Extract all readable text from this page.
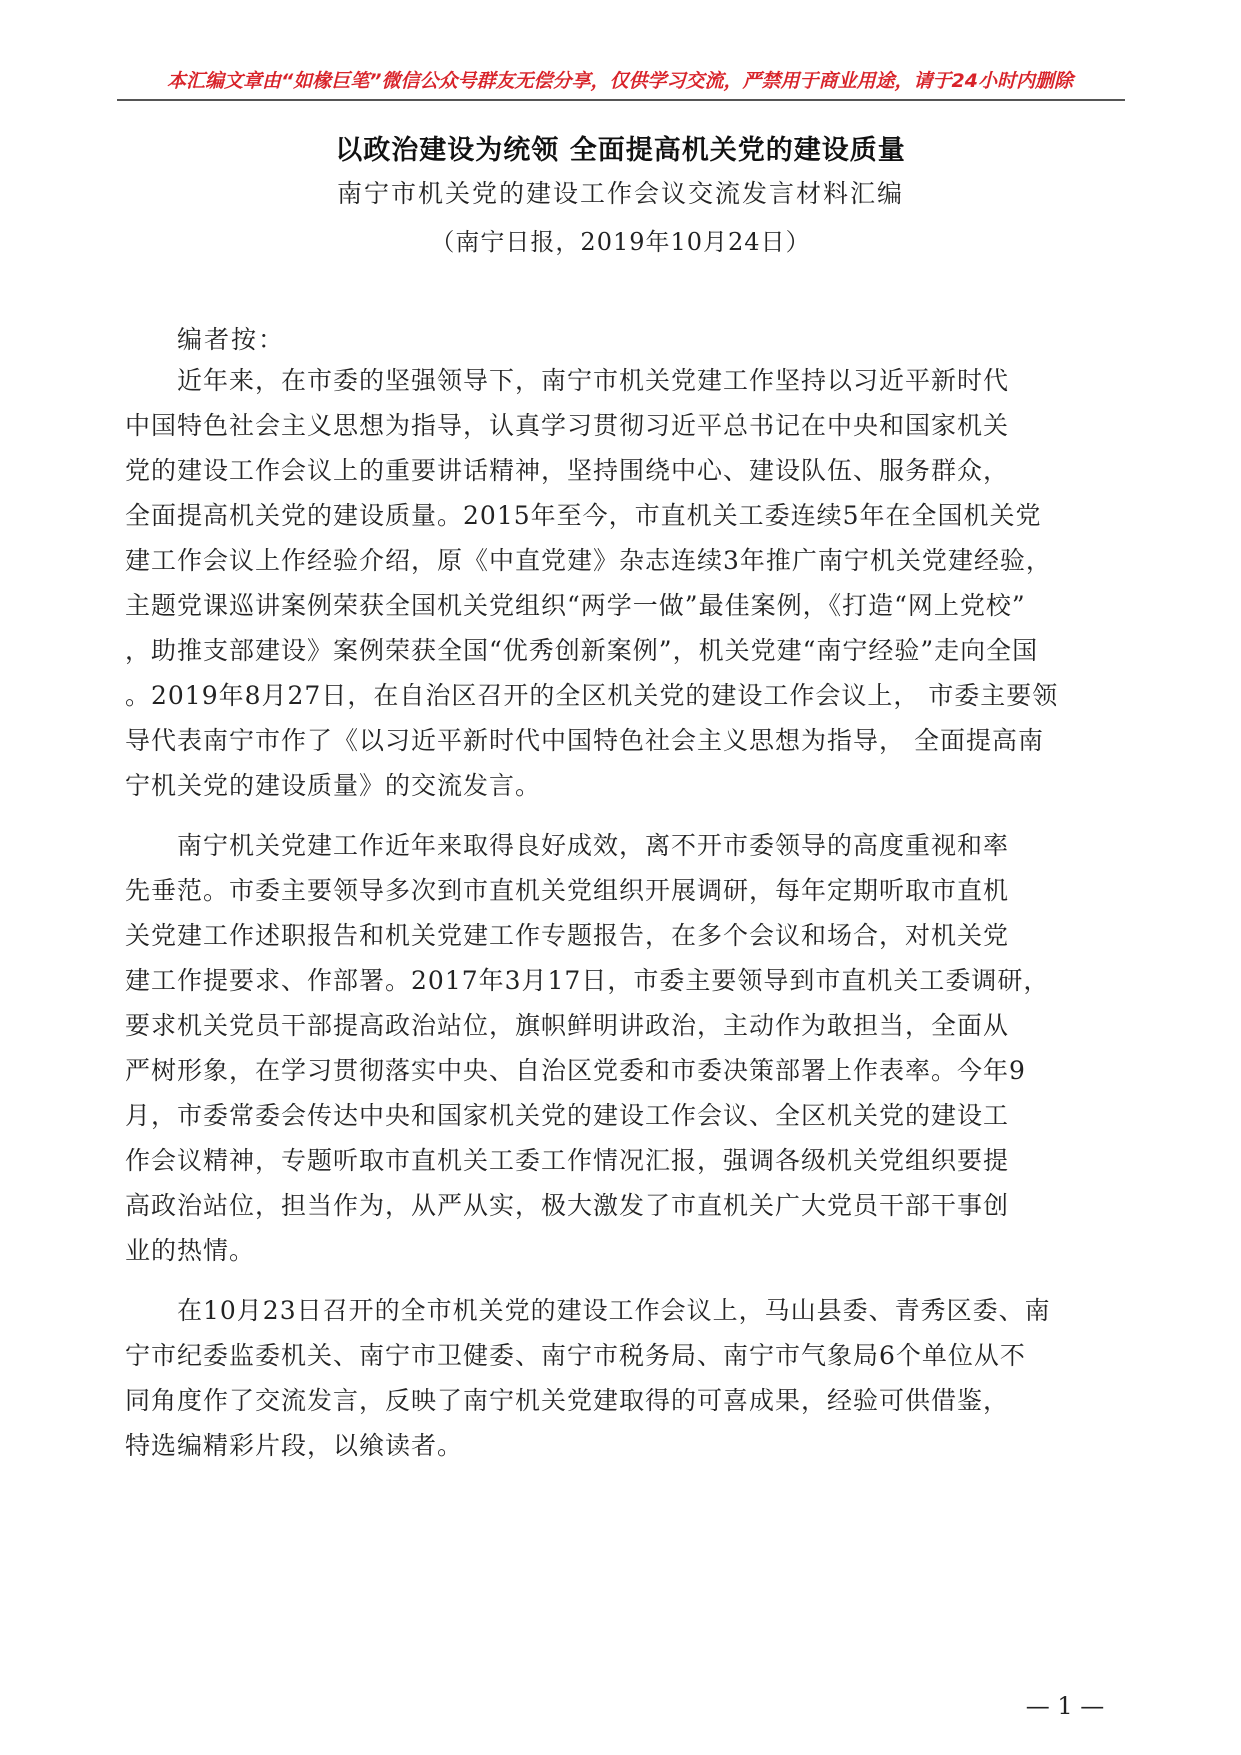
本汇编文章由“如椽巨笔”微信公众号群友无偿分享，仅供学习交流，严禁用于商业用途，请于24小时内删除
以政治建设为统领 全面提高机关党的建设质量
南宁市机关党的建设工作会议交流发言材料汇编
（南宁日报，2019年10月24日）
编者按：
近年来，在市委的坚强领导下，南宁市机关党建工作坚持以习近平新时代
中国特色社会主义思想为指导，认真学习贯彻习近平总书记在中央和国家机关
党的建设工作会议上的重要讲话精神，坚持围绕中心、建设队伍、服务群众，
全面提高机关党的建设质量。2015年至今，市直机关工委连续5年在全国机关党
建工作会议上作经验介绍，原《中直党建》杂志连续3年推广南宁机关党建经验，
主题党课巡讲案例荣获全国机关党组织“两学一做”最佳案例，《打造“网上党校”
，助推支部建设》案例荣获全国“优秀创新案例”，机关党建“南宁经验”走向全国
。2019年8月27日，在自治区召开的全区机关党的建设工作会议上， 市委主要领
导代表南宁市作了《以习近平新时代中国特色社会主义思想为指导， 全面提高南
宁机关党的建设质量》的交流发言。
南宁机关党建工作近年来取得良好成效，离不开市委领导的高度重视和率
先垂范。市委主要领导多次到市直机关党组织开展调研，每年定期听取市直机
关党建工作述职报告和机关党建工作专题报告，在多个会议和场合，对机关党
建工作提要求、作部署。2017年3月17日，市委主要领导到市直机关工委调研，
要求机关党员干部提高政治站位，旗帜鲜明讲政治，主动作为敢担当，全面从
严树形象，在学习贯彻落实中央、自治区党委和市委决策部署上作表率。今年9
月，市委常委会传达中央和国家机关党的建设工作会议、全区机关党的建设工
作会议精神，专题听取市直机关工委工作情况汇报，强调各级机关党组织要提
高政治站位，担当作为，从严从实，极大激发了市直机关广大党员干部干事创
业的热情。
在10月23日召开的全市机关党的建设工作会议上，马山县委、青秀区委、南
宁市纪委监委机关、南宁市卫健委、南宁市税务局、南宁市气象局6个单位从不
同角度作了交流发言，反映了南宁机关党建取得的可喜成果，经验可供借鉴，
特选编精彩片段，以飨读者。
— 1 —
